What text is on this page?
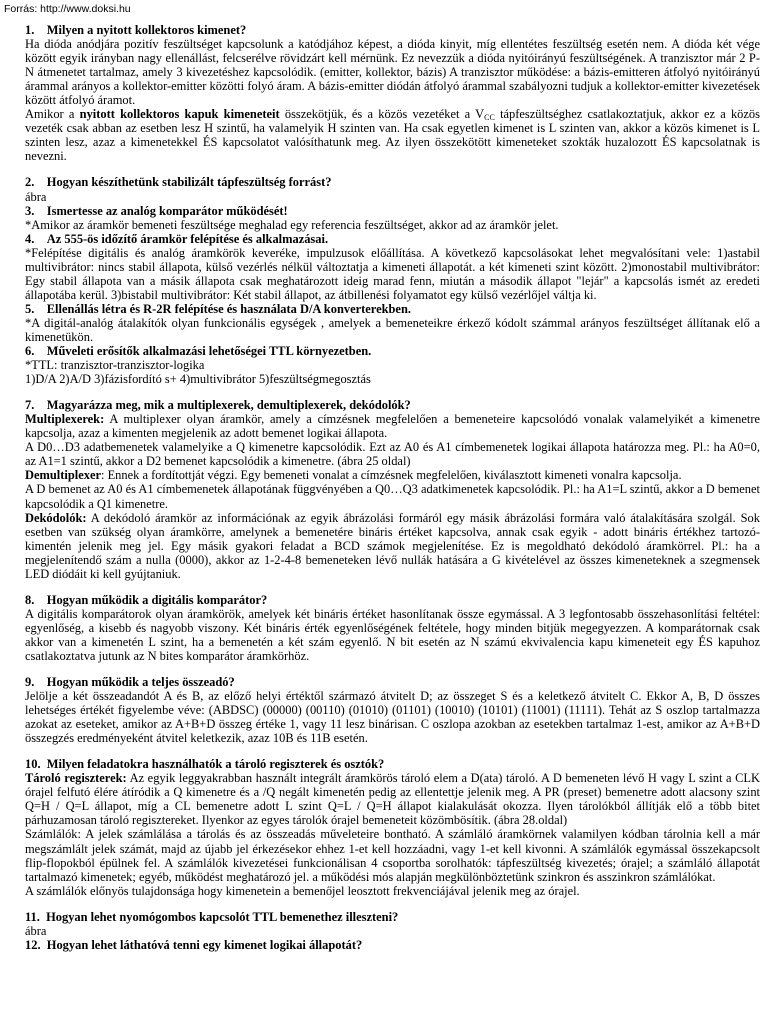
Forrás: http://www.doksi.hu

1.    Milyen a nyitott kollektoros kimenet?

Ha dióda anódjára pozitív feszültséget kapcsolunk a katódjához képest, a dióda kinyit, míg ellentétes feszültség esetén nem. A dióda két vége között egyik irányban nagy ellenállást, felcserélve rövidzárt kell mérnünk. Ez nevezzük a dióda nyitóirányú feszültségének. A tranzisztor már 2 P-N átmenetet tartalmaz, amely 3 kivezetéshez kapcsolódik. (emitter, kollektor, bázis) A tranzisztor működése: a bázis-emitteren átfolyó nyitóirányú árammal arányos a kollektor-emitter közötti folyó áram. A bázis-emitter diódán átfolyó árammal szabályozni tudjuk a kollektor-emitter kivezetések között átfolyó áramot.

Amikor a nyitott kollektoros kapuk kimeneteit összekötjük, és a közös vezetéket a $V_{CC}$ tápfeszültséghez csatlakoztatjuk, akkor ez a közös vezeték csak abban az esetben lesz H szintű, ha valamelyik H szinten van. Ha csak egyetlen kimenet is L szinten van, akkor a közös kimenet is L szinten lesz, azaz a kimenetekkel ÉS kapcsolatot valósíthatunk meg. Az ilyen összekötött kimeneteket szokták huzalozott ÉS kapcsolatnak is nevezni.

2.    Hogyan készíthetünk stabilizált tápfeszültség forrást?

ábra

3.    Ismertesse az analóg komparátor működését!

*Amikor az áramkör bemeneti feszültsége meghalad egy referencia feszültséget, akkor ad az áramkör jelet.

4.    Az 555-ös időzítő áramkör felépítése és alkalmazásai.

*Felépítése digitális és analóg áramkörök keveréke, impulzusok előállítása. A következő kapcsolásokat lehet megvalósítani vele: 1)astabil multivibrátor: nincs stabil állapota, külső vezérlés nélkül változtatja a kimeneti állapotát. a két kimeneti szint között. 2)monostabil multivibrátor: Egy stabil állapota van a másik állapota csak meghatározott ideig marad fenn, miután a második állapot "lejár" a kapcsolás ismét az eredeti állapotába kerül. 3)bistabil multivibrátor: Két stabil állapot, az átbillenési folyamatot egy külső vezérlőjel váltja ki.

5.    Ellenállás létra és R-2R felépítése és használata D/A konverterekben.

*A digitál-analóg átalakítók olyan funkcionális egységek , amelyek a bemeneteikre érkező kódolt számmal arányos feszültséget állítanak elő a kimenetükön.

6.    Műveleti erősítők alkalmazási lehetőségei TTL környezetben.

*TTL: tranzisztor-tranzisztor-logika

1)D/A 2)A/D 3)fázisfordító s+ 4)multivibrátor 5)feszültségmegosztás

7.    Magyarázza meg, mik a multiplexerek, demultiplexerek, dekódolók?

Multiplexerek: A multiplexer olyan áramkör, amely a címzésnek megfelelően a bemeneteire kapcsolódó vonalak valamelyikét a kimenetre kapcsolja, azaz a kimenten megjelenik az adott bemenet logikai állapota.

A D0…D3 adatbemenetek valamelyike a Q kimenetre kapcsolódik. Ezt az A0 és A1 címbemenetek logikai állapota határozza meg. Pl.: ha A0=0, az A1=1 szintű, akkor a D2 bemenet kapcsolódik a kimenetre. (ábra 25 oldal)

Demultiplexer: Ennek a fordítottját végzi. Egy bemeneti vonalat a címzésnek megfelelően, kiválasztott kimeneti vonalra kapcsolja.

A D bemenet az A0 és A1 címbemenetek állapotának függvényében a Q0…Q3 adatkimenetek kapcsolódik. Pl.: ha A1=L szintű, akkor a D bemenet kapcsolódik a Q1 kimenetre.

Dekódolók: A dekódoló áramkör az információnak az egyik ábrázolási formáról egy másik ábrázolási formára való átalakítására szolgál. Sok esetben van szükség olyan áramkörre, amelynek a bemenetére bináris értéket kapcsolva, annak csak egyik - adott bináris értékhez tartozó- kimentén jelenik meg jel. Egy másik gyakori feladat a BCD számok megjelenítése. Ez is megoldható dekódoló áramkörrel. Pl.: ha a megjelenítendő szám a nulla (0000), akkor az 1-2-4-8 bemeneteken lévő nullák hatására a G kivételével az összes kimeneteknek a szegmensek LED diódáit ki kell gyújtaniuk.

8.    Hogyan működik a digitális komparátor?

A digitális komparátorok olyan áramkörök, amelyek két bináris értéket hasonlítanak össze egymással. A 3 legfontosabb összehasonlítási feltétel: egyenlőség, a kisebb és nagyobb viszony. Két bináris érték egyenlőségének feltétele, hogy minden bitjük megegyezzen. A komparátornak csak akkor van a kimenetén L szint, ha a bemenetén a két szám egyenlő. N bit esetén az N számú ekvivalencia kapu kimeneteit egy ÉS kapuhoz csatlakoztatva jutunk az N bites komparátor áramkörhöz.

9.    Hogyan működik a teljes összeadó?

Jelölje a két összeadandót A és B, az előző helyi értéktől származó átvitelt D; az összeget S és a keletkező átvitelt C. Ekkor A, B, D összes lehetséges értékét figyelembe véve: (ABDSC) (00000) (00110) (01010) (01101) (10010) (10101) (11001) (11111). Tehát az S oszlop tartalmazza azokat az eseteket, amikor az A+B+D összeg értéke 1, vagy 11 lesz binárisan. C oszlopa azokban az esetekben tartalmaz 1-est, amikor az A+B+D összegzés eredményeként átvitel keletkezik, azaz 10B és 11B esetén.

10.  Milyen feladatokra használhatók a tároló regiszterek és osztók?

Tároló regiszterek: Az egyik leggyakrabban használt integrált áramkörös tároló elem a D(ata) tároló. A D bemeneten lévő H vagy L szint a CLK órajel felfutó élére átíródik a Q kimenetre és a /Q negált kimenetén pedig az ellentettje jelenik meg. A PR (preset) bemenetre adott alacsony szint Q=H / Q=L állapot, míg a CL bemenetre adott L szint Q=L / Q=H állapot kialakulását okozza. Ilyen tárolókból állítják elő a több bitet párhuzamosan tároló regisztereket. Ilyenkor az egyes tárolók órajel bemeneteit közömbösítik. (ábra 28.oldal)

Számlálók: A jelek számlálása a tárolás és az összeadás műveleteire bontható. A számláló áramkörnek valamilyen kódban tárolnia kell a már megszámlált jelek számát, majd az újabb jel érkezésekor ehhez 1-et kell hozzáadni, vagy 1-et kell kivonni. A számlálók egymással összekapcsolt flip-flopokból épülnek fel. A számlálók kivezetései funkcionálisan 4 csoportba sorolhatók: tápfeszültség kivezetés; órajel; a számláló állapotát tartalmazó kimenetek; egyéb, működést meghatározó jel. a működési mós alapján megkülönböztetünk szinkron és asszinkron számlálókat.

A számlálók előnyös tulajdonsága hogy kimenetein a bemenőjel leosztott frekvenciájával jelenik meg az órajel.

11.  Hogyan lehet nyomógombos kapcsolót TTL bemenethez illeszteni?

ábra

12.  Hogyan lehet láthatóvá tenni egy kimenet logikai állapotát?
